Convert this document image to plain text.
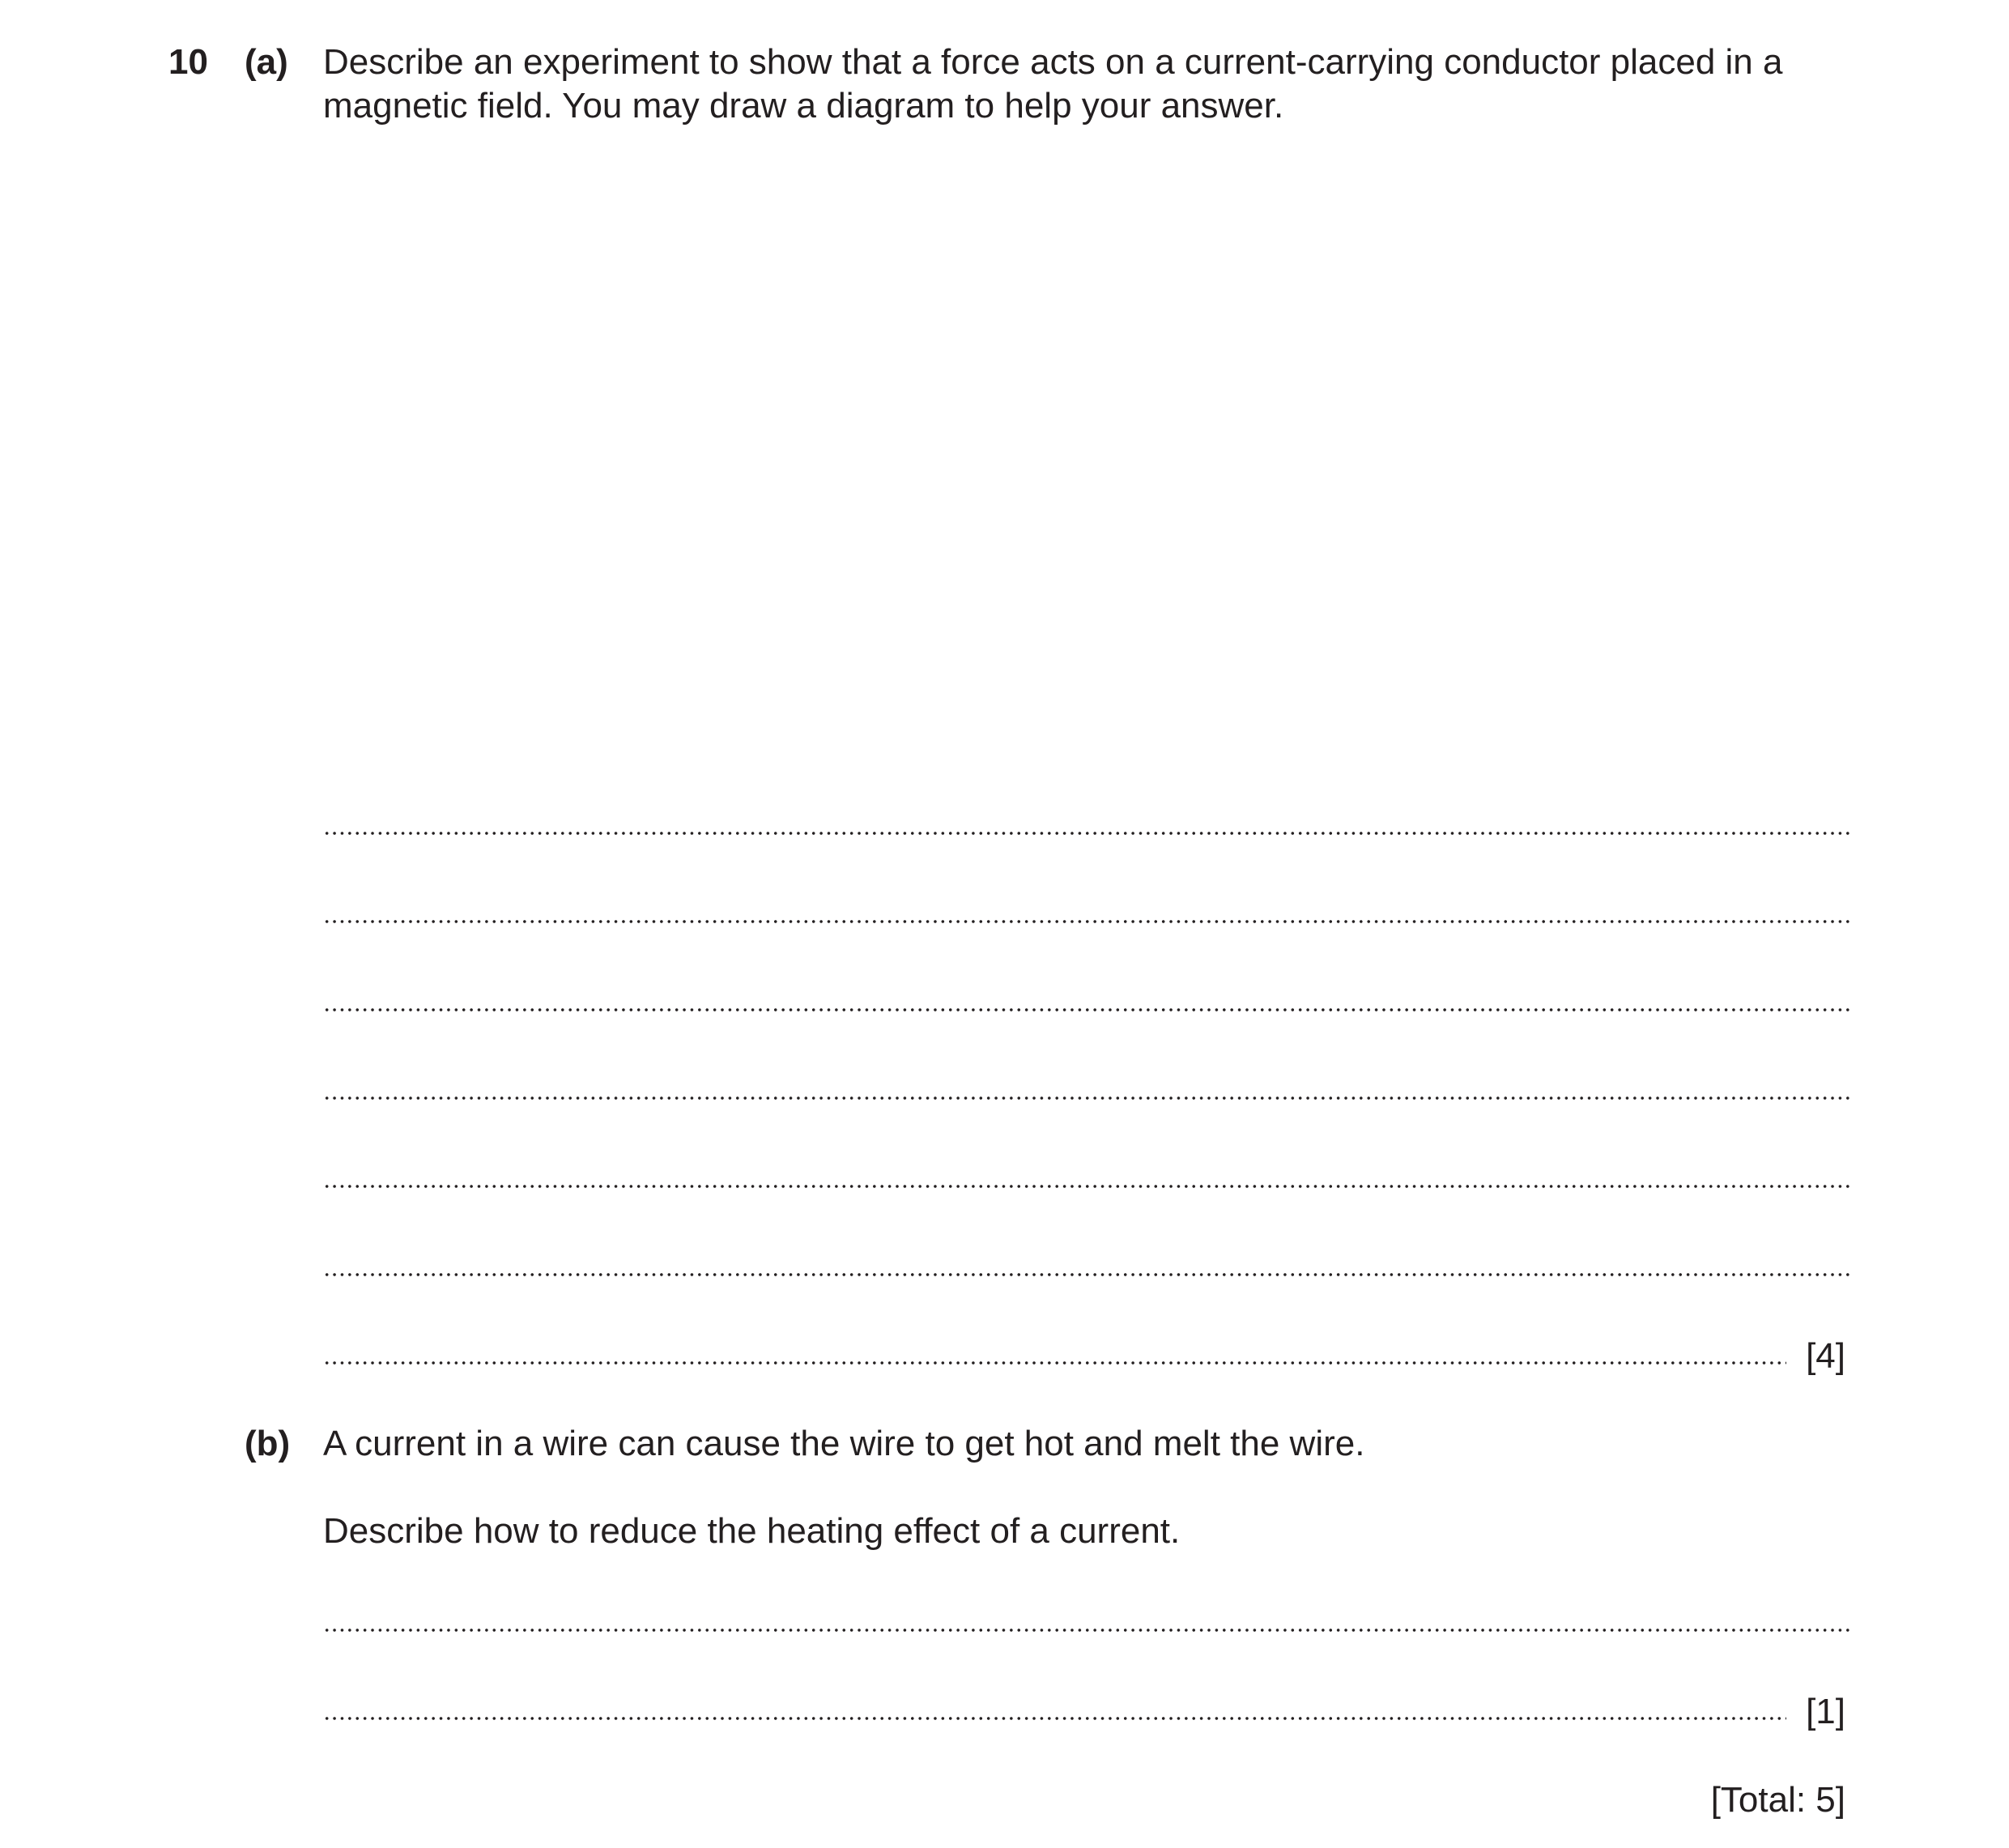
10 (a) Describe an experiment to show that a force acts on a current-carrying conductor placed in a
magnetic field. You may draw a diagram to help your answer.
[4]
(b) A current in a wire can cause the wire to get hot and melt the wire.
Describe how to reduce the heating effect of a current.
[1]
[Total: 5]
